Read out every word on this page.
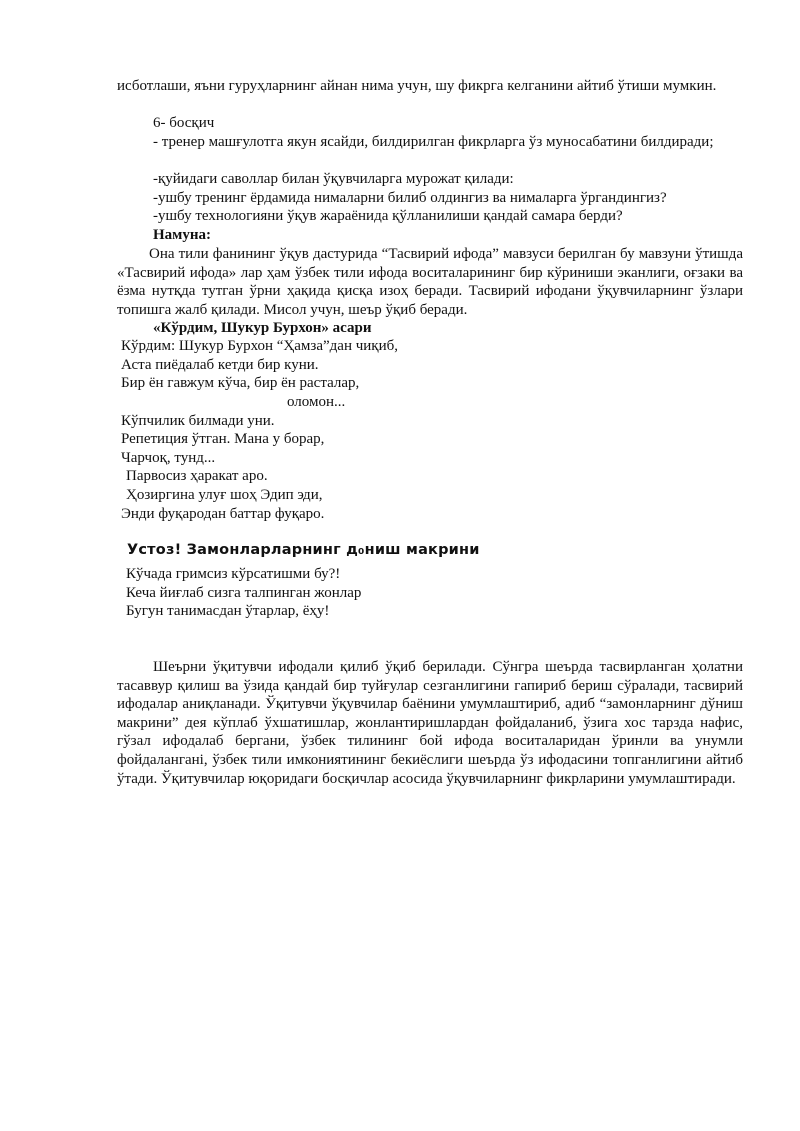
исботлаши, яъни гуруҳларнинг айнан нима учун, шу фикрга келганини айтиб ўтиши мумкин.

6- босқич

- тренер машғулотга якун ясайди, билдирилган фикрларга ўз муносабатини билдиради;

-қуйидаги саволлар билан ўқувчиларга мурожат қилади:

-ушбу тренинг ёрдамида нималарни билиб олдингиз ва нималарга ўргандингиз?

-ушбу технологияни ўқув жараёнида қўлланилиши қандай самара берди?

Намуна:

Она тили фанининг ўқув дастурида “Тасвирий ифода” мавзуси берилган бу мавзуни ўтишда «Тасвирий ифода» лар ҳам ўзбек тили ифода воситаларининг бир кўриниши эканлиги, оғзаки ва ёзма нутқда тутган ўрни ҳақида қисқа изоҳ беради. Тасвирий ифодани ўқувчиларнинг ўзлари топишга жалб қилади. Мисол учун, шеър ўқиб беради.

«Кўрдим, Шукур Бурхон» асари

Кўрдим: Шукур Бурхон “Ҳамза”дан чиқиб,

Аста пиёдалаб кетди бир куни.

Бир ён гавжум кўча, бир ён расталар,

оломон...

Кўпчилик билмади уни.

Репетиция ўтган. Мана у борар,

Чарчоқ, тунд...

Парвосиз ҳаракат аро.

Ҳозиргина улуғ шоҳ Эдип эди,

Энди фуқародан баттар фуқаро.

Устоз! Замонларларнинг д₀ниш макрини

Кўчада гримсиз кўрсатишми бу?!

Кеча йиғлаб сизга талпинган жонлар

Бугун танимасдан ўтарлар, ёҳу!

Шеърни ўқитувчи ифодали қилиб ўқиб берилади. Сўнгра шеърда тасвирланган ҳолатни тасаввур қилиш ва ўзида қандай бир туйғулар сезганлигини гапириб бериш сўралади, тасвирий ифодалар аниқланади. Ўқитувчи ўқувчилар баёнини умумлаштириб, адиб “замонларнинг дўниш макрини” дея кўплаб ўхшатишлар, жонлантиришлардан фойдаланиб, ўзига хос тарзда нафис, гўзал ифодалаб бергани, ўзбек тилининг бой ифода воситаларидан ўринли ва унумли фойдаланганi, ўзбек тили имкониятининг бекиёслиги шеърда ўз ифодасини топганлигини айтиб ўтади. Ўқитувчилар юқоридаги босқичлар асосида ўқувчиларнинг фикрларини умумлаштиради.
